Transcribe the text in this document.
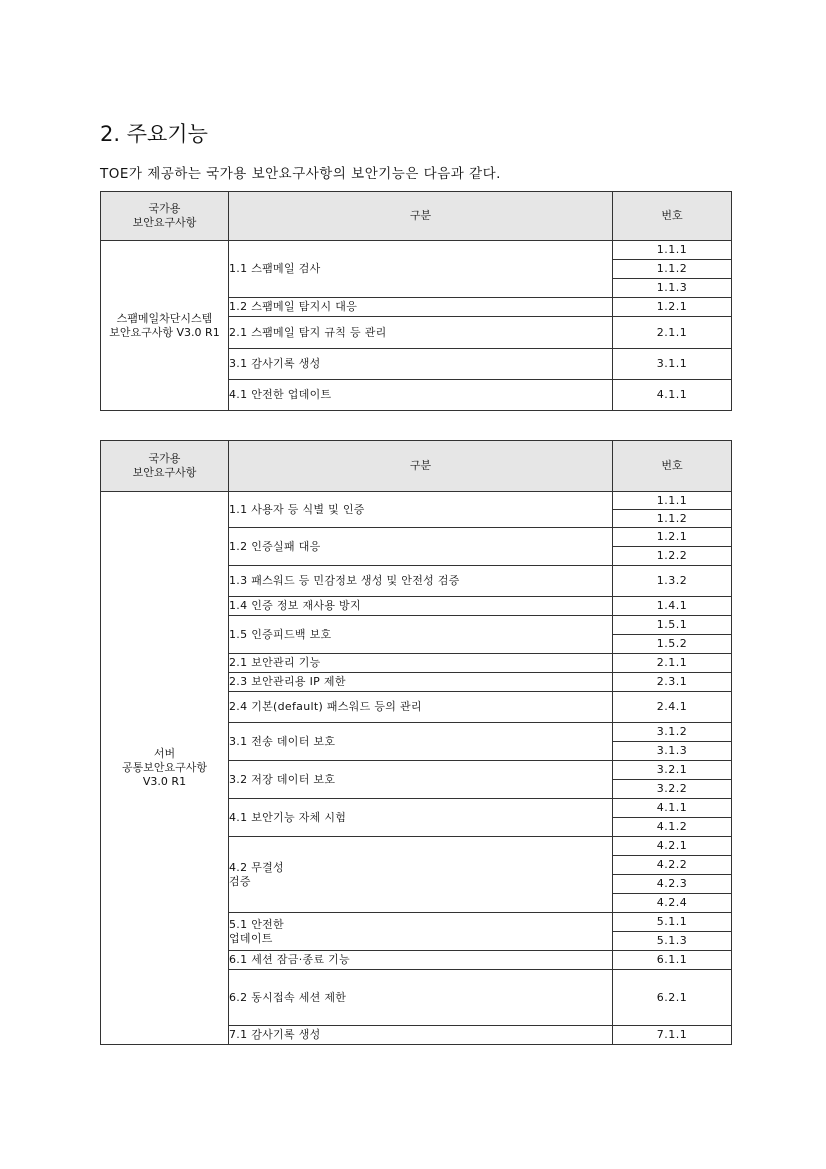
2. 주요기능

TOE가 제공하는 국가용 보안요구사항의 보안기능은 다음과 같다.

국가용
보안요구사항	구분	번호
스팸메일차단시스템
보안요구사항 V3.0 R1	1.1 스팸메일 검사	1.1.1
		1.1.2
		1.1.3
	1.2 스팸메일 탐지시 대응	1.2.1
	2.1 스팸메일 탐지 규칙 등 관리	2.1.1
	3.1 감사기록 생성	3.1.1
	4.1 안전한 업데이트	4.1.1
국가용
보안요구사항	구분	번호
서버
공통보안요구사항
V3.0 R1	1.1 사용자 등 식별 및 인증	1.1.1
		1.1.2
	1.2 인증실패 대응	1.2.1
		1.2.2
	1.3 패스워드 등 민감정보 생성 및 안전성 검증	1.3.2
	1.4 인증 정보 재사용 방지	1.4.1
	1.5 인증피드백 보호	1.5.1
		1.5.2
	2.1 보안관리 기능	2.1.1
	2.3 보안관리용 IP 제한	2.3.1
	2.4 기본(default) 패스워드 등의 관리	2.4.1
	3.1 전송 데이터 보호	3.1.2
		3.1.3
	3.2 저장 데이터 보호	3.2.1
		3.2.2
	4.1 보안기능 자체 시험	4.1.1
		4.1.2
	4.2 무결성
검증	4.2.1
		4.2.2
		4.2.3
		4.2.4
	5.1 안전한
업데이트	5.1.1
		5.1.3
	6.1 세션 잠금·종료 기능	6.1.1
	6.2 동시접속 세션 제한	6.2.1
	7.1 감사기록 생성	7.1.1
